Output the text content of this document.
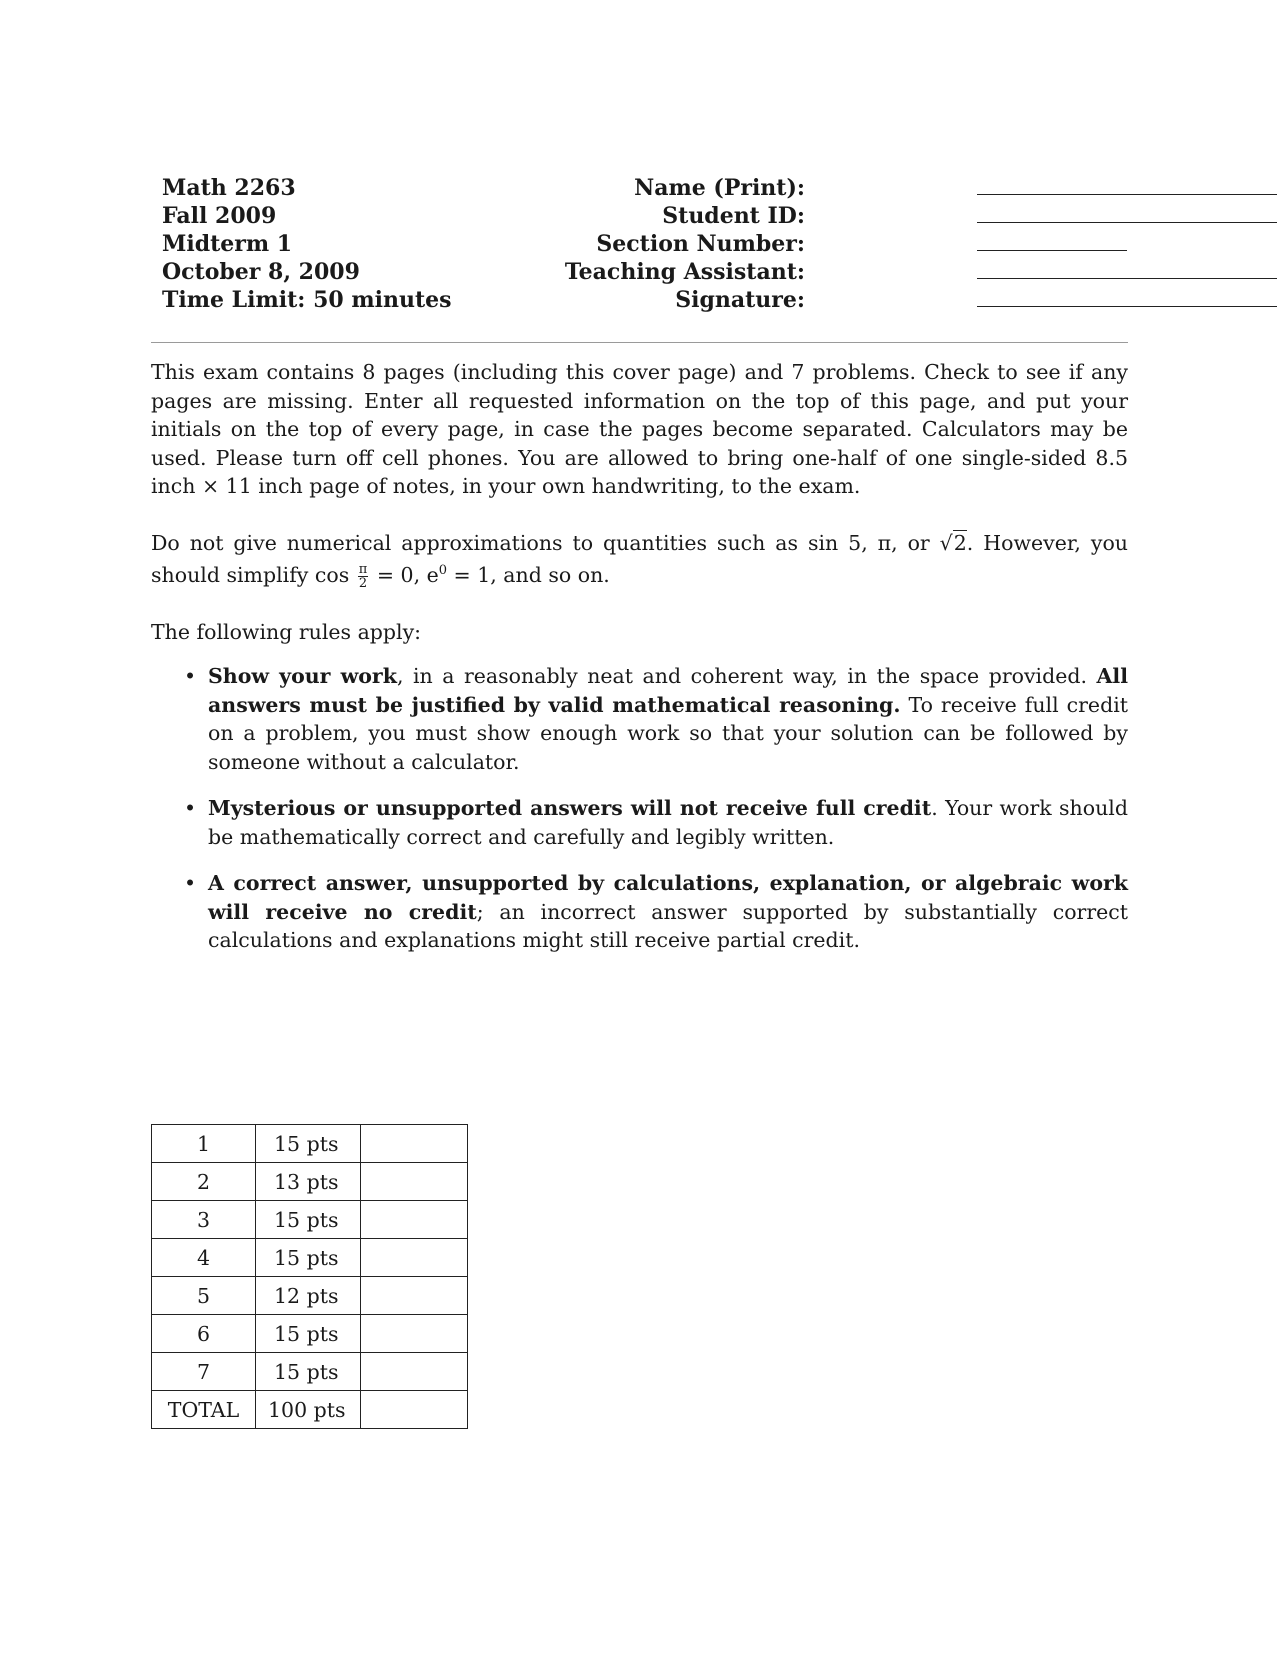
Math 2263
Fall 2009
Midterm 1
October 8, 2009
Time Limit: 50 minutes
Name (Print):
Student ID:
Section Number:
Teaching Assistant:
Signature:

This exam contains 8 pages (including this cover page) and 7 problems. Check to see if any pages are missing. Enter all requested information on the top of this page, and put your initials on the top of every page, in case the pages become separated. Calculators may be used. Please turn off cell phones. You are allowed to bring one-half of one single-sided 8.5 inch × 11 inch page of notes, in your own handwriting, to the exam.

Do not give numerical approximations to quantities such as sin 5, π, or √2. However, you should simplify $\cos \frac{\pi}{2} = 0$, $e^0 = 1$, and so on.

The following rules apply:

• Show your work, in a reasonably neat and coherent way, in the space provided. All answers must be justified by valid mathematical reasoning. To receive full credit on a problem, you must show enough work so that your solution can be followed by someone without a calculator.
• Mysterious or unsupported answers will not receive full credit. Your work should be mathematically correct and carefully and legibly written.
• A correct answer, unsupported by calculations, explanation, or algebraic work will receive no credit; an incorrect answer supported by substantially correct calculations and explanations might still receive partial credit.
1	15 pts	
2	13 pts	
3	15 pts	
4	15 pts	
5	12 pts	
6	15 pts	
7	15 pts	
TOTAL	100 pts	
